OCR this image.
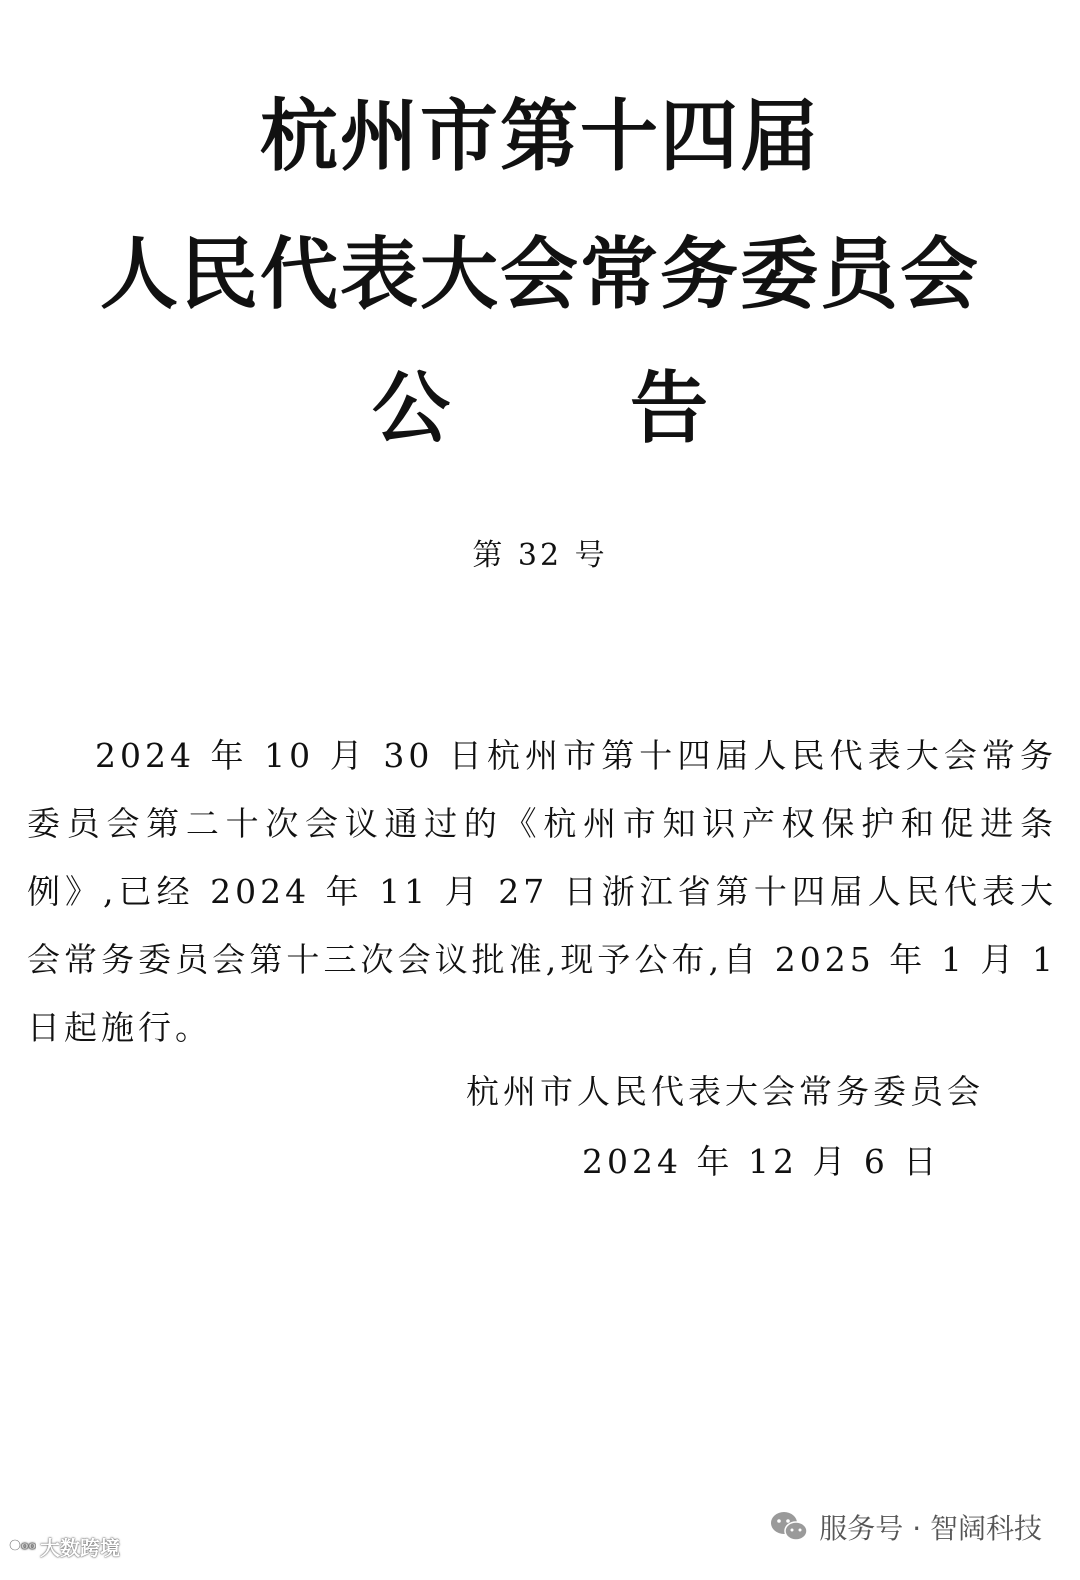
杭州市第十四届
人民代表大会常务委员会
公告
第 32 号
2024 年 10 月 30 日杭州市第十四届人民代表大会常务委员会第二十次会议通过的《杭州市知识产权保护和促进条例》,已经 2024 年 11 月 27 日浙江省第十四届人民代表大会常务委员会第十三次会议批准,现予公布,自 2025 年 1 月 1 日起施行。
杭州市人民代表大会常务委员会
2024 年 12 月 6 日
oo 大数跨境
服务号 · 智阔科技
